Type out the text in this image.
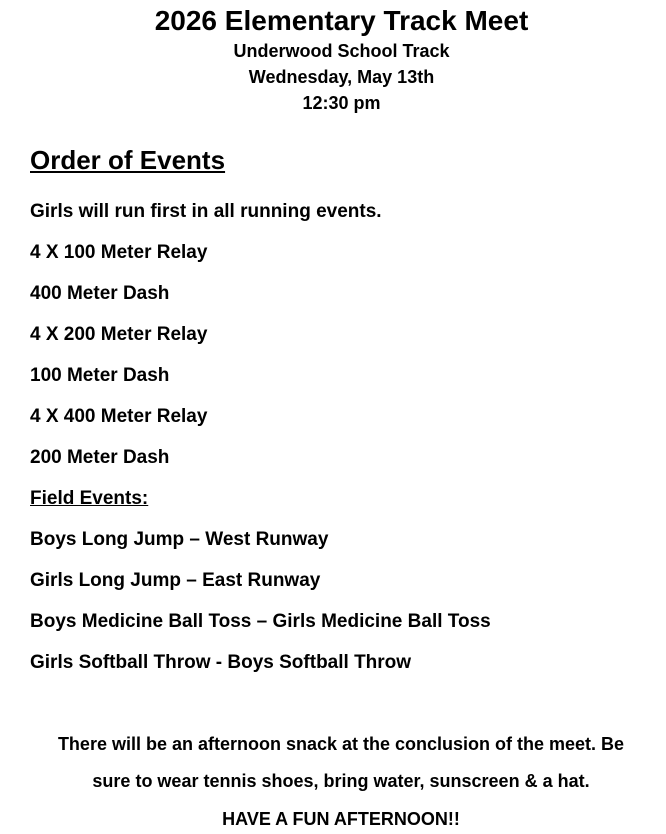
2026 Elementary Track Meet
Underwood School Track
Wednesday, May 13th
12:30 pm
Order of Events
Girls will run first in all running events.
4 X 100 Meter Relay
400 Meter Dash
4 X 200 Meter Relay
100 Meter Dash
4 X 400 Meter Relay
200 Meter Dash
Field Events:
Boys Long Jump – West Runway
Girls Long Jump – East Runway
Boys Medicine Ball Toss – Girls Medicine Ball Toss
Girls Softball Throw - Boys Softball Throw
There will be an afternoon snack at the conclusion of the meet. Be
sure to wear tennis shoes, bring water, sunscreen & a hat.
HAVE A FUN AFTERNOON!!
